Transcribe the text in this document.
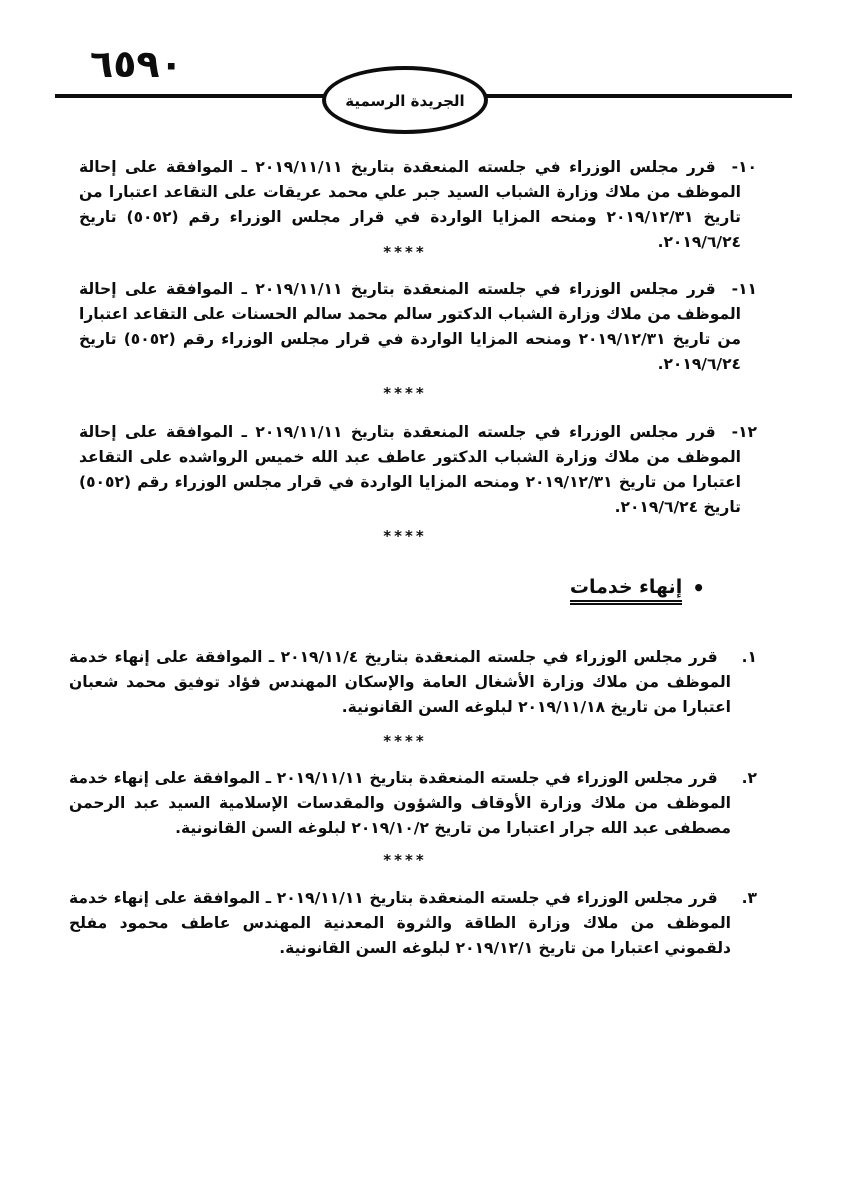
٦٥٩٠
الجريدة الرسمية

١٠-قرر مجلس الوزراء في جلسته المنعقدة بتاريخ ٢٠١٩/١١/١١ ـ الموافقة على إحالة الموظف من ملاك وزارة الشباب السيد جبر علي محمد عريقات على التقاعد اعتبارا من تاريخ ٢٠١٩/١٢/٣١ ومنحه المزايا الواردة في قرار مجلس الوزراء رقم (٥٠٥٢) تاريخ ٢٠١٩/٦/٢٤.

****

١١-قرر مجلس الوزراء في جلسته المنعقدة بتاريخ ٢٠١٩/١١/١١ ـ الموافقة على إحالة الموظف من ملاك وزارة الشباب الدكتور سالم محمد سالم الحسنات على التقاعد اعتبارا من تاريخ ٢٠١٩/١٢/٣١ ومنحه المزايا الواردة في قرار مجلس الوزراء رقم (٥٠٥٢) تاريخ ٢٠١٩/٦/٢٤.

****

١٢-قرر مجلس الوزراء في جلسته المنعقدة بتاريخ ٢٠١٩/١١/١١ ـ الموافقة على إحالة الموظف من ملاك وزارة الشباب الدكتور عاطف عبد الله خميس الرواشده على التقاعد اعتبارا من تاريخ ٢٠١٩/١٢/٣١ ومنحه المزايا الواردة في قرار مجلس الوزراء رقم (٥٠٥٢) تاريخ ٢٠١٩/٦/٢٤.

****
•
إنهاء خدمات

١.قرر مجلس الوزراء في جلسته المنعقدة بتاريخ ٢٠١٩/١١/٤ ـ الموافقة على إنهاء خدمة الموظف من ملاك وزارة الأشغال العامة والإسكان المهندس فؤاد توفيق محمد شعبان اعتبارا من تاريخ ٢٠١٩/١١/١٨ لبلوغه السن القانونية.

****

٢.قرر مجلس الوزراء في جلسته المنعقدة بتاريخ ٢٠١٩/١١/١١ ـ الموافقة على إنهاء خدمة الموظف من ملاك وزارة الأوقاف والشؤون والمقدسات الإسلامية السيد عبد الرحمن مصطفى عبد الله جرار اعتبارا من تاريخ ٢٠١٩/١٠/٢ لبلوغه السن القانونية.

****

٣.قرر مجلس الوزراء في جلسته المنعقدة بتاريخ ٢٠١٩/١١/١١ ـ الموافقة على إنهاء خدمة الموظف من ملاك وزارة الطاقة والثروة المعدنية المهندس عاطف محمود مفلح دلقموني اعتبارا من تاريخ ٢٠١٩/١٢/١ لبلوغه السن القانونية.
